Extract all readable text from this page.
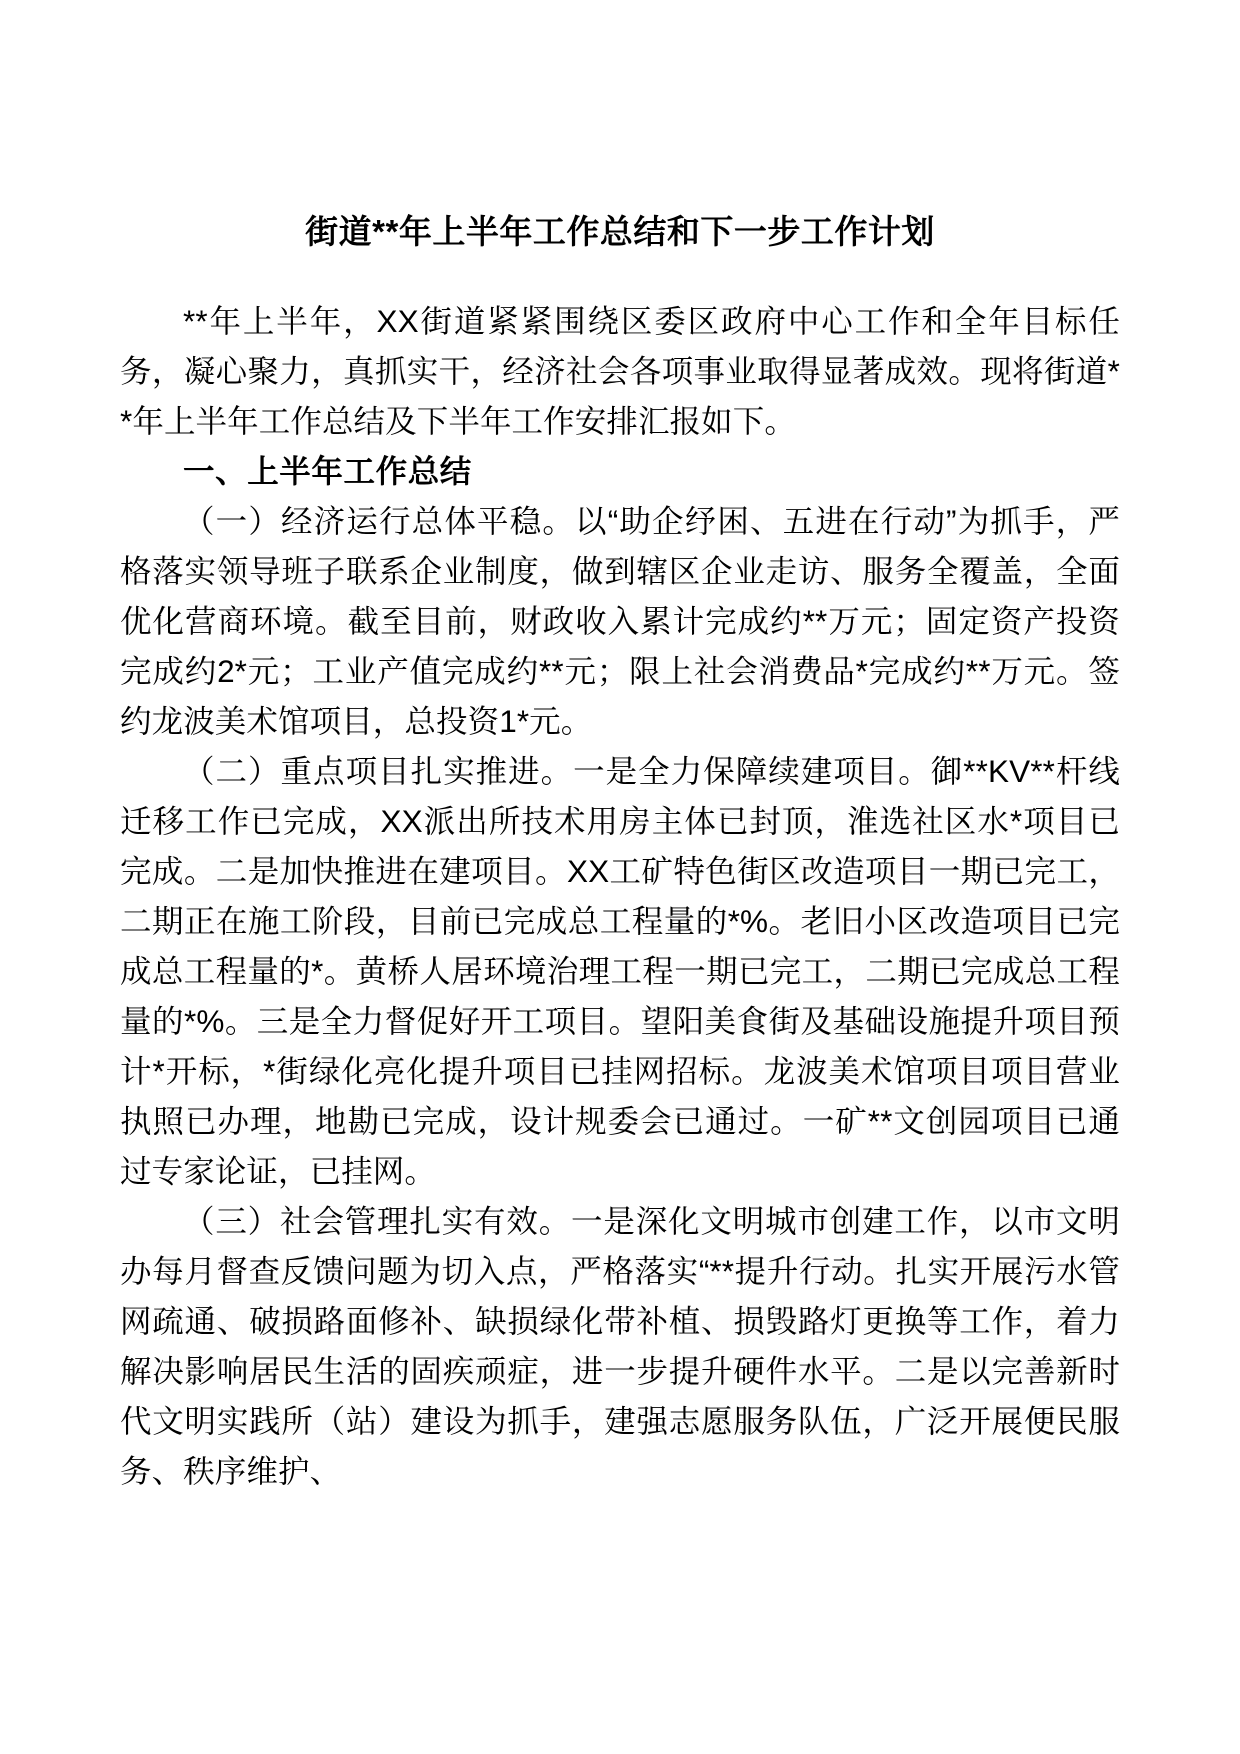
街道**年上半年工作总结和下一步工作计划

**年上半年，XX街道紧紧围绕区委区政府中心工作和全年目标任务，凝心聚力，真抓实干，经济社会各项事业取得显著成效。现将街道**年上半年工作总结及下半年工作安排汇报如下。

一、上半年工作总结

（一）经济运行总体平稳。以“助企纾困、五进在行动”为抓手，严格落实领导班子联系企业制度，做到辖区企业走访、服务全覆盖，全面优化营商环境。截至目前，财政收入累计完成约**万元；固定资产投资完成约2*元；工业产值完成约**元；限上社会消费品*完成约**万元。签约龙波美术馆项目，总投资1*元。

（二）重点项目扎实推进。一是全力保障续建项目。御**KV**杆线迁移工作已完成，XX派出所技术用房主体已封顶，淮选社区水*项目已完成。二是加快推进在建项目。XX工矿特色街区改造项目一期已完工，二期正在施工阶段，目前已完成总工程量的*%。老旧小区改造项目已完成总工程量的*。黄桥人居环境治理工程一期已完工，二期已完成总工程量的*%。三是全力督促好开工项目。望阳美食街及基础设施提升项目预计*开标，*街绿化亮化提升项目已挂网招标。龙波美术馆项目项目营业执照已办理，地勘已完成，设计规委会已通过。一矿**文创园项目已通过专家论证，已挂网。

（三）社会管理扎实有效。一是深化文明城市创建工作，以市文明办每月督查反馈问题为切入点，严格落实“**提升行动。扎实开展污水管网疏通、破损路面修补、缺损绿化带补植、损毁路灯更换等工作，着力解决影响居民生活的固疾顽症，进一步提升硬件水平。二是以完善新时代文明实践所（站）建设为抓手，建强志愿服务队伍，广泛开展便民服务、秩序维护、
